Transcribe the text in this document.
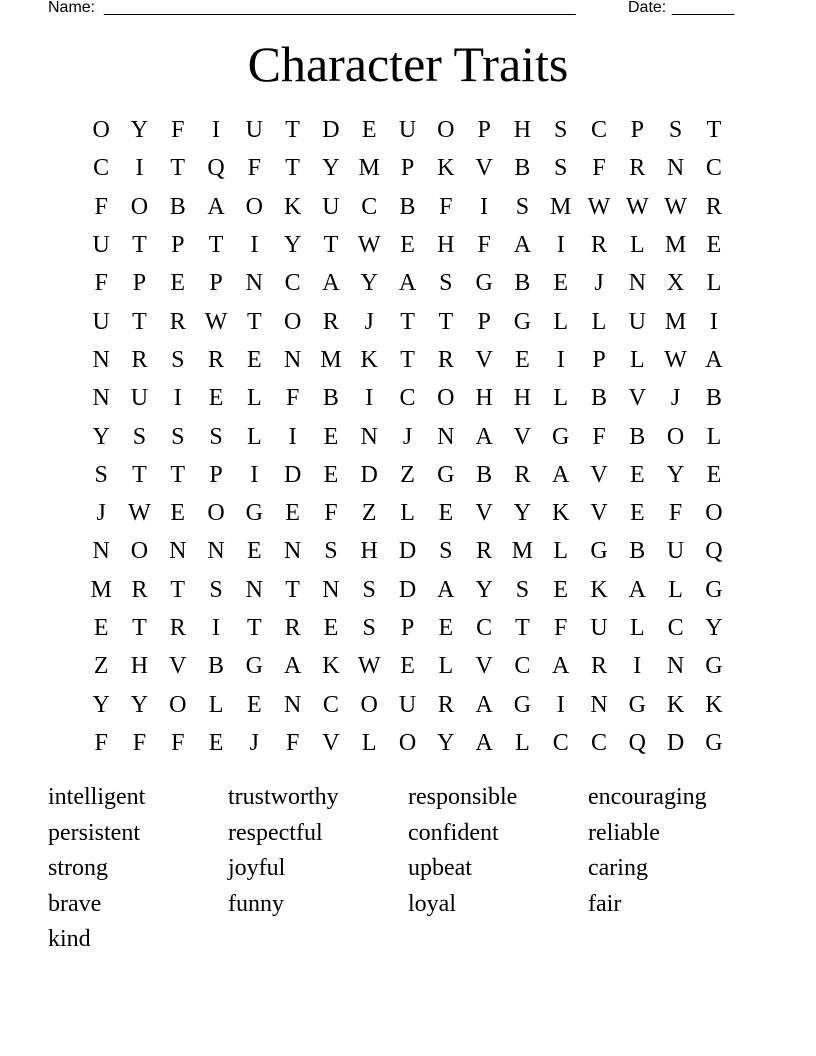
Name: _____________________________________________________	Date: _______
Character Traits
O Y F	I	U T D E U O P H S C P	S	T
C	I	T Q F	T Y M P K V B S	F R N C
F O B A O K U C B F	I	S M W W W R
U T	P	T	I	Y T W E H F A	I	R L M E
F	P	E	P N C A Y A S G B E	J	N X L
U T R W T O R	J	T T	P G L L U M I
N R S R E N M K T R V E	I	P	L W A
N U	I	E L	F B	I	C O H H L B V	J	B
Y S	S	S	L	I	E N	J	N A V G F B O L
S	T T	P	I	D E D Z G B R A V E Y E
J W E O G E	F	Z L E V Y K V E	F O
N O N N E N S H D S R M L G B U Q
M R T	S N T N S D A Y S	E K A L G
E T R	I	T R E	S	P	E C T	F U L C Y
Z H V B G A K W E L V C A R	I	N G
Y Y O L E N C O U R A G	I	N G K K
F	F	F	E	J	F V L O Y A L C C Q D G
intelligent	trustworthy	responsible	encouraging
persistent	respectful	confident	reliable
strong	joyful	upbeat	caring
brave	funny	loyal	fair
kind
